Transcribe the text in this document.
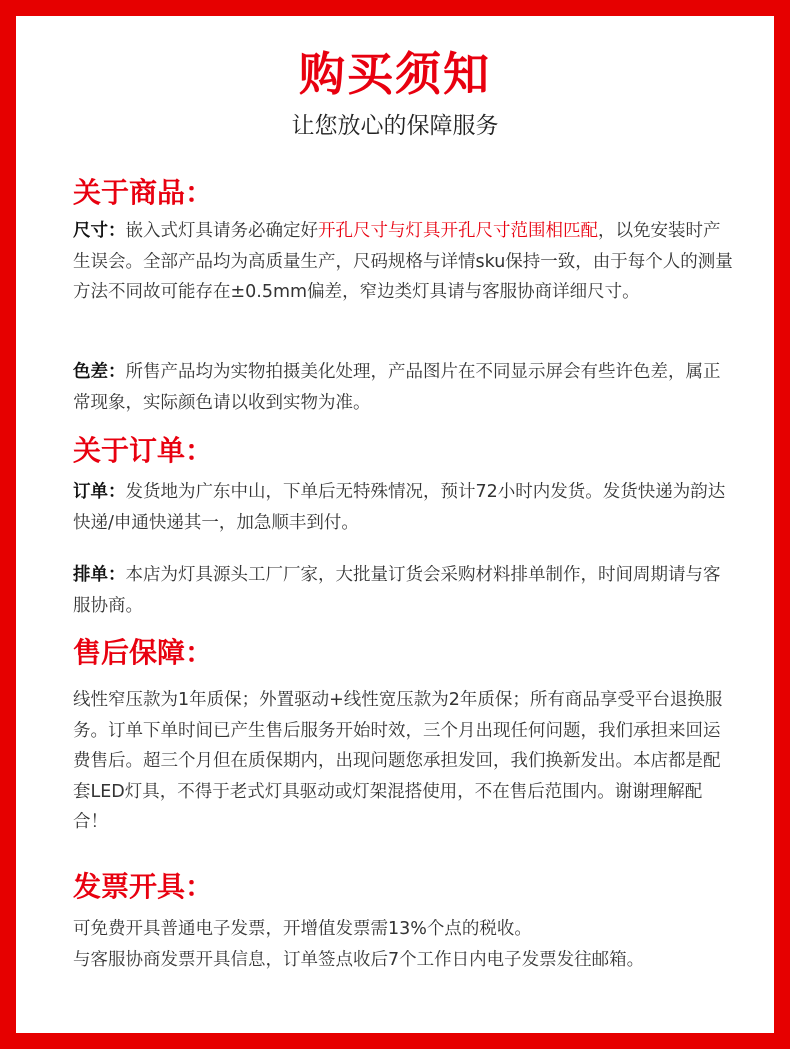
购买须知
让您放心的保障服务
关于商品：

尺寸：嵌入式灯具请务必确定好开孔尺寸与灯具开孔尺寸范围相匹配，以免安装时产生误会。全部产品均为高质量生产，尺码规格与详情sku保持一致，由于每个人的测量方法不同故可能存在±0.5mm偏差，窄边类灯具请与客服协商详细尺寸。

色差：所售产品均为实物拍摄美化处理，产品图片在不同显示屏会有些许色差，属正常现象，实际颜色请以收到实物为准。

关于订单：

订单：发货地为广东中山，下单后无特殊情况，预计72小时内发货。发货快递为韵达快递/申通快递其一，加急顺丰到付。

排单：本店为灯具源头工厂厂家，大批量订货会采购材料排单制作，时间周期请与客服协商。

售后保障：

线性窄压款为1年质保；外置驱动+线性宽压款为2年质保；所有商品享受平台退换服务。订单下单时间已产生售后服务开始时效，三个月出现任何问题，我们承担来回运费售后。超三个月但在质保期内，出现问题您承担发回，我们换新发出。本店都是配套LED灯具，不得于老式灯具驱动或灯架混搭使用，不在售后范围内。谢谢理解配合！

发票开具：

可免费开具普通电子发票，开增值发票需13%个点的税收。

与客服协商发票开具信息，订单签点收后7个工作日内电子发票发往邮箱。
